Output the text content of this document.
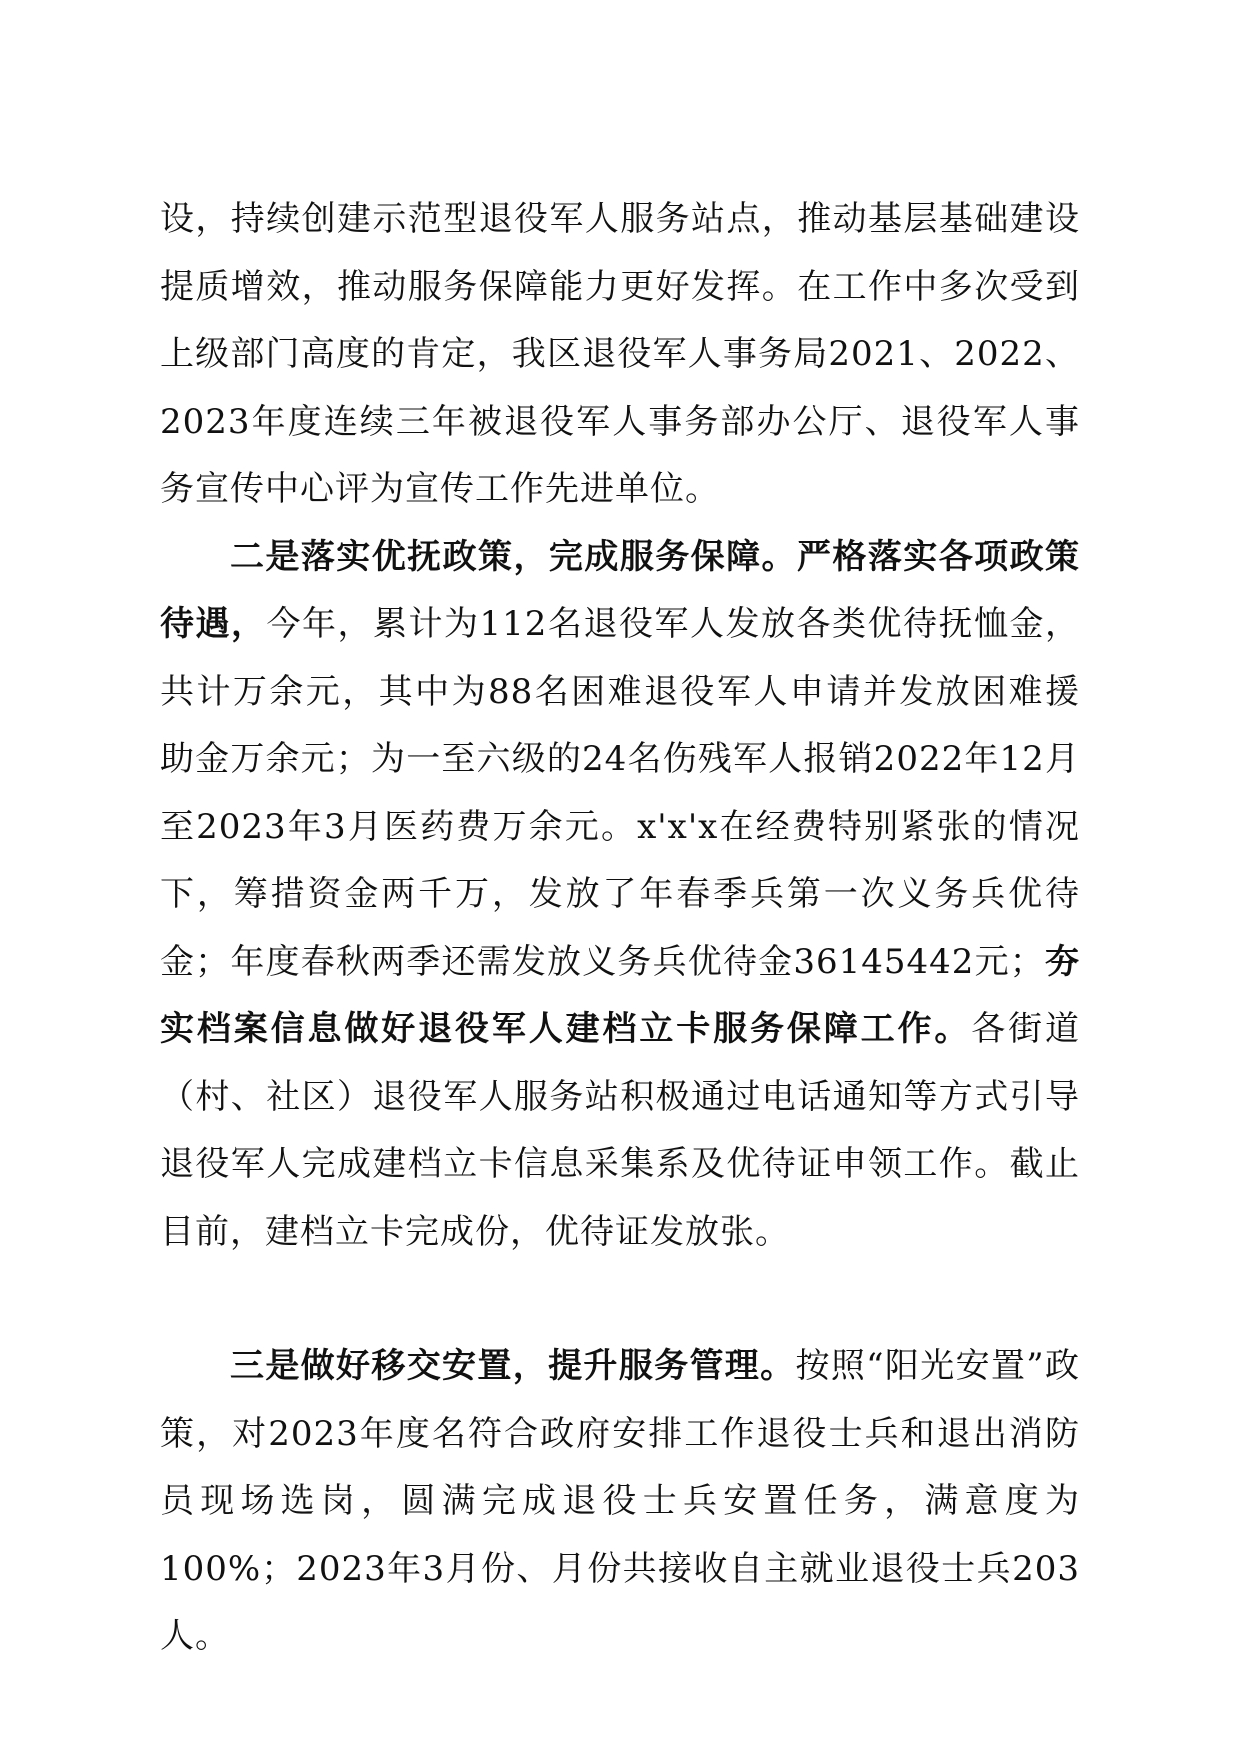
设，持续创建示范型退役军人服务站点，推动基层基础建设提质增效，推动服务保障能力更好发挥。在工作中多次受到上级部门高度的肯定，我区退役军人事务局2021、2022、2023年度连续三年被退役军人事务部办公厅、退役军人事务宣传中心评为宣传工作先进单位。

二是落实优抚政策，完成服务保障。严格落实各项政策待遇，今年，累计为112名退役军人发放各类优待抚恤金，共计万余元，其中为88名困难退役军人申请并发放困难援助金万余元；为一至六级的24名伤残军人报销2022年12月至2023年3月医药费万余元。x'x'x在经费特别紧张的情况下，筹措资金两千万，发放了年春季兵第一次义务兵优待金；年度春秋两季还需发放义务兵优待金36145442元；夯实档案信息做好退役军人建档立卡服务保障工作。各街道（村、社区）退役军人服务站积极通过电话通知等方式引导退役军人完成建档立卡信息采集系及优待证申领工作。截止目前，建档立卡完成份，优待证发放张。

三是做好移交安置，提升服务管理。按照“阳光安置”政策，对2023年度名符合政府安排工作退役士兵和退出消防员现场选岗，圆满完成退役士兵安置任务，满意度为100%；2023年3月份、月份共接收自主就业退役士兵203人。
